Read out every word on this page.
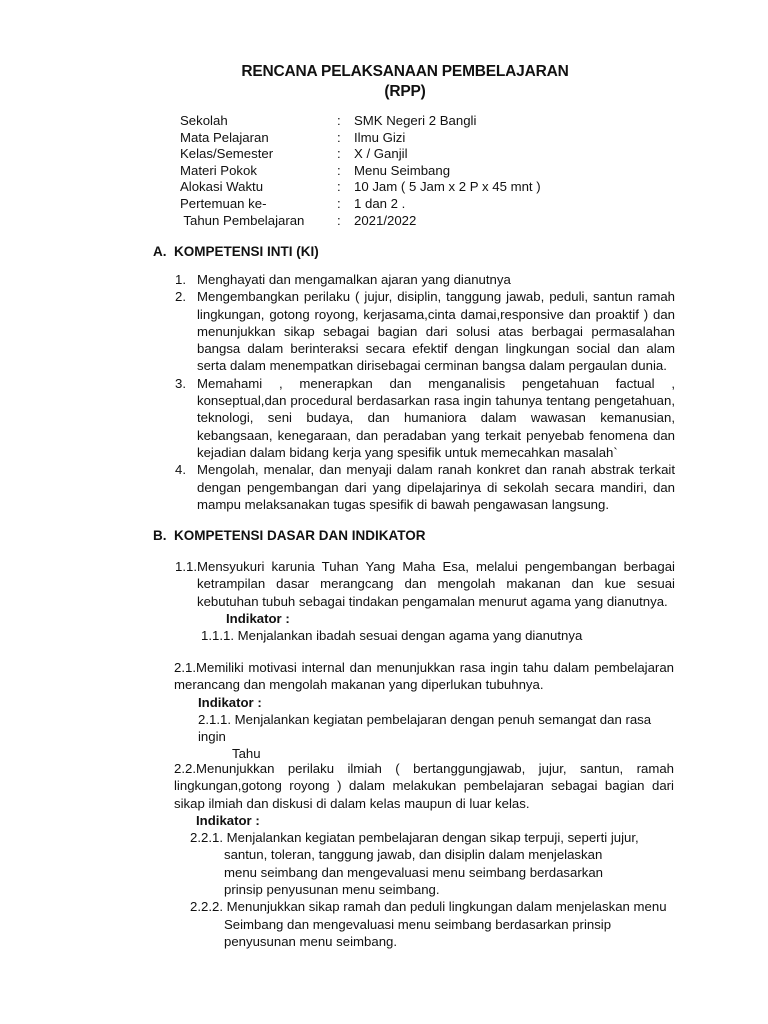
RENCANA PELAKSANAAN PEMBELAJARAN
(RPP)
Sekolah	: SMK Negeri 2 Bangli
Mata Pelajaran	: Ilmu Gizi
Kelas/Semester	: X / Ganjil
Materi Pokok	: Menu Seimbang
Alokasi Waktu	: 10 Jam ( 5 Jam x 2 P x 45 mnt )
Pertemuan ke-	: 1 dan 2 .
Tahun Pembelajaran : 2021/2022
A. KOMPETENSI INTI (KI)
1. Menghayati dan mengamalkan ajaran yang dianutnya
2. Mengembangkan perilaku ( jujur, disiplin, tanggung jawab, peduli, santun ramah lingkungan, gotong royong, kerjasama,cinta damai,responsive dan proaktif ) dan menunjukkan sikap sebagai bagian dari solusi atas berbagai permasalahan bangsa dalam berinteraksi secara efektif dengan lingkungan social dan alam serta dalam menempatkan dirisebagai cerminan bangsa dalam pergaulan dunia.
3. Memahami , menerapkan dan menganalisis pengetahuan factual , konseptual,dan procedural berdasarkan rasa ingin tahunya tentang pengetahuan, teknologi, seni budaya, dan humaniora dalam wawasan kemanusian, kebangsaan, kenegaraan, dan peradaban yang terkait penyebab fenomena dan kejadian dalam bidang kerja yang spesifik untuk memecahkan masalah`
4. Mengolah, menalar, dan menyaji dalam ranah konkret dan ranah abstrak terkait dengan pengembangan dari yang dipelajarinya di sekolah secara mandiri, dan mampu melaksanakan tugas spesifik di bawah pengawasan langsung.
B. KOMPETENSI DASAR DAN INDIKATOR
1.1. Mensyukuri karunia Tuhan Yang Maha Esa, melalui pengembangan berbagai ketrampilan dasar merangcang dan mengolah makanan dan kue sesuai kebutuhan tubuh sebagai tindakan pengamalan menurut agama yang dianutnya.
Indikator :
1.1.1. Menjalankan ibadah sesuai dengan agama yang dianutnya
2.1.Memiliki motivasi internal dan menunjukkan rasa ingin tahu dalam pembelajaran merancang dan mengolah makanan yang diperlukan tubuhnya.
Indikator :
2.1.1. Menjalankan kegiatan pembelajaran dengan penuh semangat dan rasa ingin
Tahu
2.2.Menunjukkan perilaku ilmiah ( bertanggungjawab, jujur, santun, ramah lingkungan,gotong royong ) dalam melakukan pembelajaran sebagai bagian dari sikap ilmiah dan diskusi di dalam kelas maupun di luar kelas.
Indikator :
2.2.1. Menjalankan kegiatan pembelajaran dengan sikap terpuji, seperti jujur,
santun, toleran, tanggung jawab, dan disiplin dalam menjelaskan menu seimbang dan mengevaluasi menu seimbang berdasarkan prinsip penyusunan menu seimbang.
2.2.2. Menunjukkan sikap ramah dan peduli lingkungan dalam menjelaskan menu
Seimbang dan mengevaluasi menu seimbang berdasarkan prinsip penyusunan menu seimbang.
